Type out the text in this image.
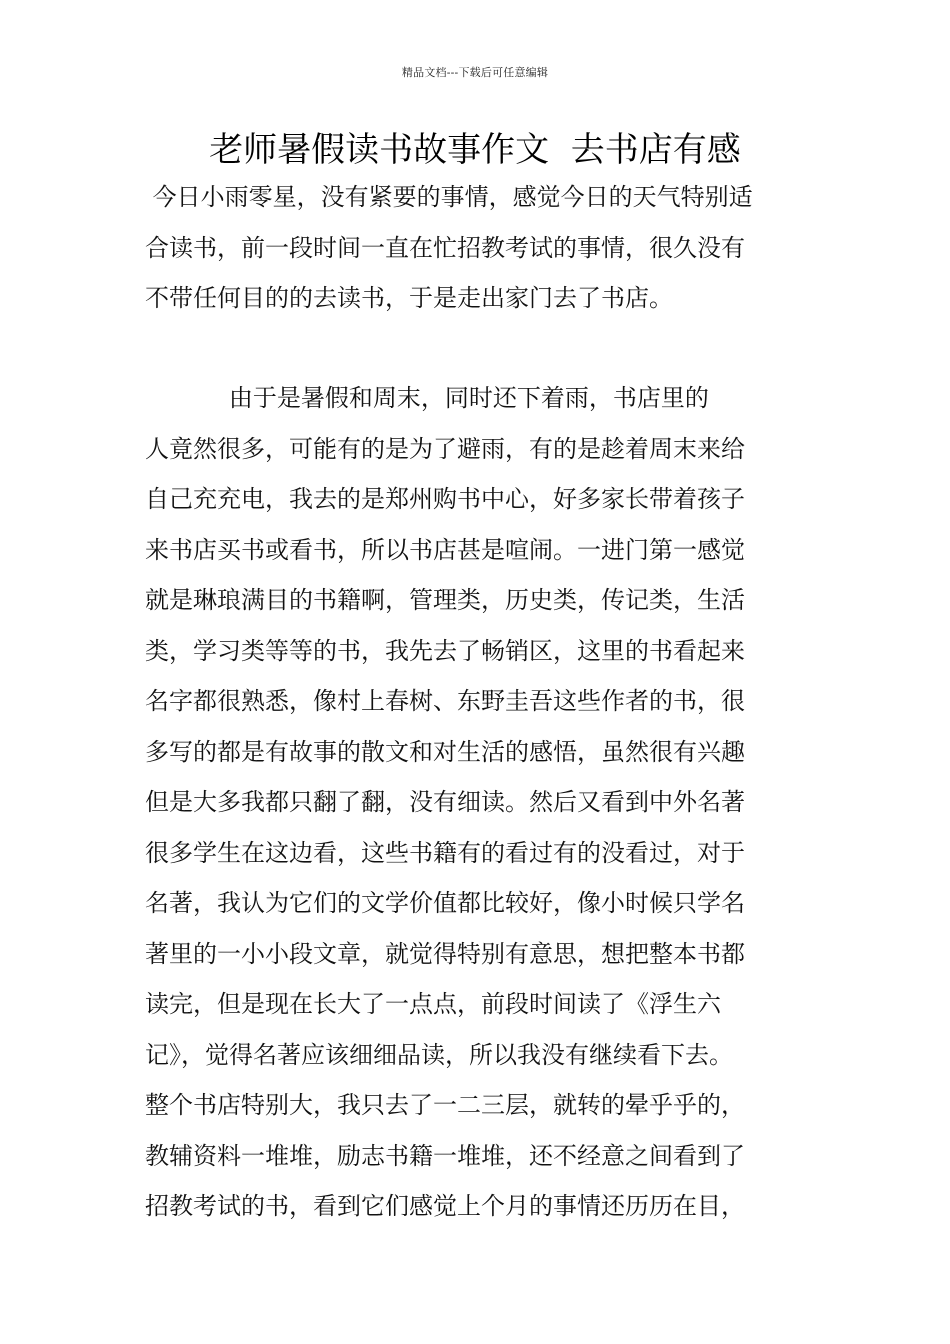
精品文档---下载后可任意编辑
老师暑假读书故事作文  去书店有感
今日小雨零星，没有紧要的事情，感觉今日的天气特别适
合读书，前一段时间一直在忙招教考试的事情，很久没有
不带任何目的的去读书，于是走出家门去了书店。
由于是暑假和周末，同时还下着雨，书店里的
人竟然很多，可能有的是为了避雨，有的是趁着周末来给
自己充充电，我去的是郑州购书中心，好多家长带着孩子
来书店买书或看书，所以书店甚是喧闹。一进门第一感觉
就是琳琅满目的书籍啊，管理类，历史类，传记类，生活
类，学习类等等的书，我先去了畅销区，这里的书看起来
名字都很熟悉，像村上春树、东野圭吾这些作者的书，很
多写的都是有故事的散文和对生活的感悟，虽然很有兴趣
但是大多我都只翻了翻，没有细读。然后又看到中外名著
很多学生在这边看，这些书籍有的看过有的没看过，对于
名著，我认为它们的文学价值都比较好，像小时候只学名
著里的一小小段文章，就觉得特别有意思，想把整本书都
读完，但是现在长大了一点点，前段时间读了《浮生六
记》，觉得名著应该细细品读，所以我没有继续看下去。
整个书店特别大，我只去了一二三层，就转的晕乎乎的，
教辅资料一堆堆，励志书籍一堆堆，还不经意之间看到了
招教考试的书，看到它们感觉上个月的事情还历历在目，
